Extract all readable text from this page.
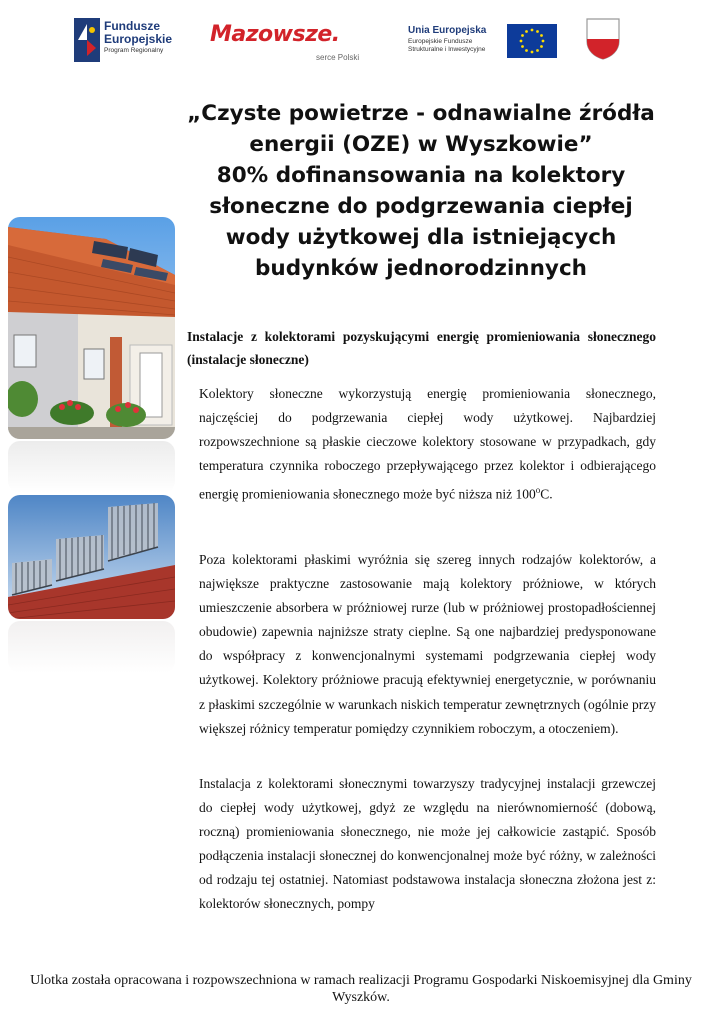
Fundusze
Europejskie
Program Regionalny
Mazowsze.
serce Polski
Unia Europejska
Europejskie Fundusze
Strukturalne i Inwestycyjne
„Czyste powietrze - odnawialne źródła
energii (OZE) w Wyszkowie”
80% dofinansowania na kolektory
słoneczne do podgrzewania ciepłej
wody użytkowej dla istniejących
budynków jednorodzinnych
Instalacje z kolektorami pozyskującymi energię promieniowania słonecznego (instalacje słoneczne)

Kolektory słoneczne wykorzystują energię promieniowania słonecznego, najczęściej do podgrzewania ciepłej wody użytkowej. Najbardziej rozpowszechnione są płaskie cieczowe kolektory stosowane w przypadkach, gdy temperatura czynnika roboczego przepływającego przez kolektor i odbierającego energię promieniowania słonecznego może być niższa niż 100$^o$C.

Poza kolektorami płaskimi wyróżnia się szereg innych rodzajów kolektorów, a największe praktyczne zastosowanie mają kolektory próżniowe, w których umieszczenie absorbera w próżniowej rurze (lub w próżniowej prostopadłościennej obudowie) zapewnia najniższe straty cieplne. Są one najbardziej predysponowane do współpracy z konwencjonalnymi systemami podgrzewania ciepłej wody użytkowej. Kolektory próżniowe pracują efektywniej energetycznie, w porównaniu z płaskimi szczególnie w warunkach niskich temperatur zewnętrznych (ogólnie przy większej różnicy temperatur pomiędzy czynnikiem roboczym, a otoczeniem).

Instalacja z kolektorami słonecznymi towarzyszy tradycyjnej instalacji grzewczej do ciepłej wody użytkowej, gdyż ze względu na nierównomierność (dobową, roczną) promieniowania słonecznego, nie może jej całkowicie zastąpić. Sposób podłączenia instalacji słonecznej do konwencjonalnej może być różny, w zależności od rodzaju tej ostatniej. Natomiast podstawowa instalacja słoneczna złożona jest z: kolektorów słonecznych, pompy

Ulotka została opracowana i rozpowszechniona w ramach realizacji Programu Gospodarki Niskoemisyjnej dla Gminy Wyszków.
